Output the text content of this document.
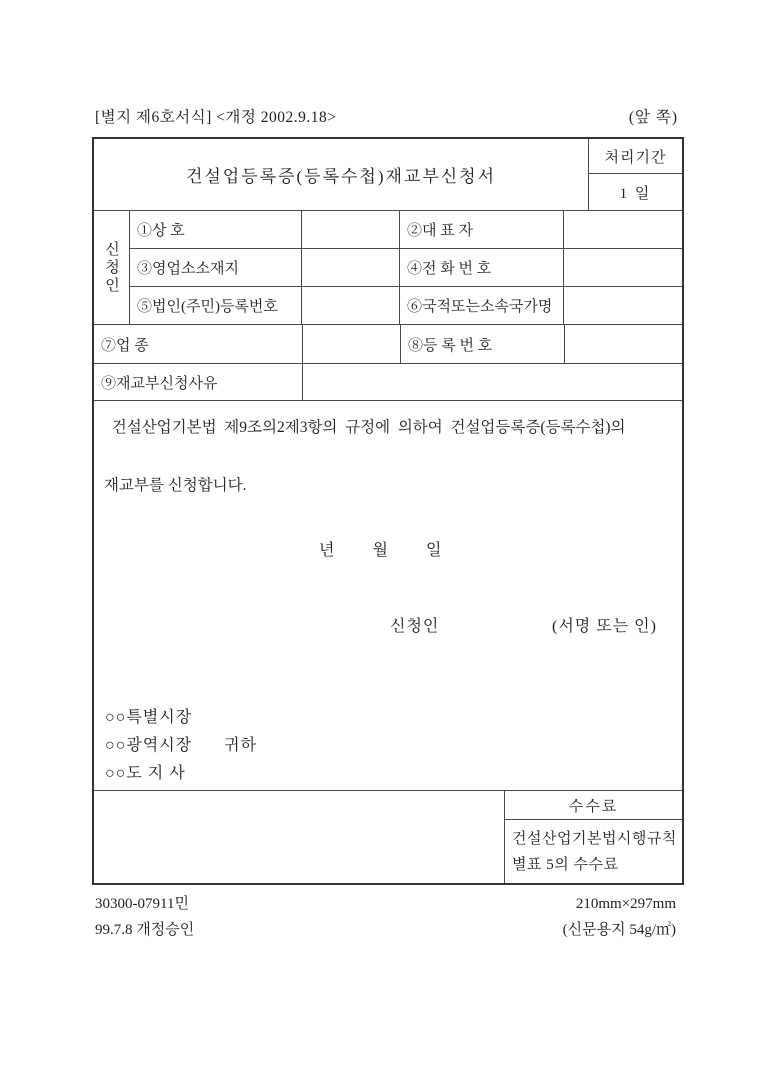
[별지 제6호서식] <개정 2002.9.18>	(앞 쪽)
건설업등록증(등록수첩)재교부신청서
처리기간
1 일
신청인
①상 호	②대 표 자
③영업소소재지	④전 화 번 호
⑤법인(주민)등록번호	⑥국적또는소속국가명
⑦업 종	⑧등 록 번 호
⑨재교부신청사유
건설산업기본법  제9조의2제3항의  규정에  의하여  건설업등록증(등록수첩)의

재교부를 신청합니다.
년 월 일
신청인	(서명 또는 인)
○○특별시장
○○광역시장 귀하
○○도 지 사
수수료
건설산업기본법시행규칙 별표 5의 수수료
30300-07911민
99.7.8 개정승인
210mm×297mm
(신문용지 54g/㎡)
